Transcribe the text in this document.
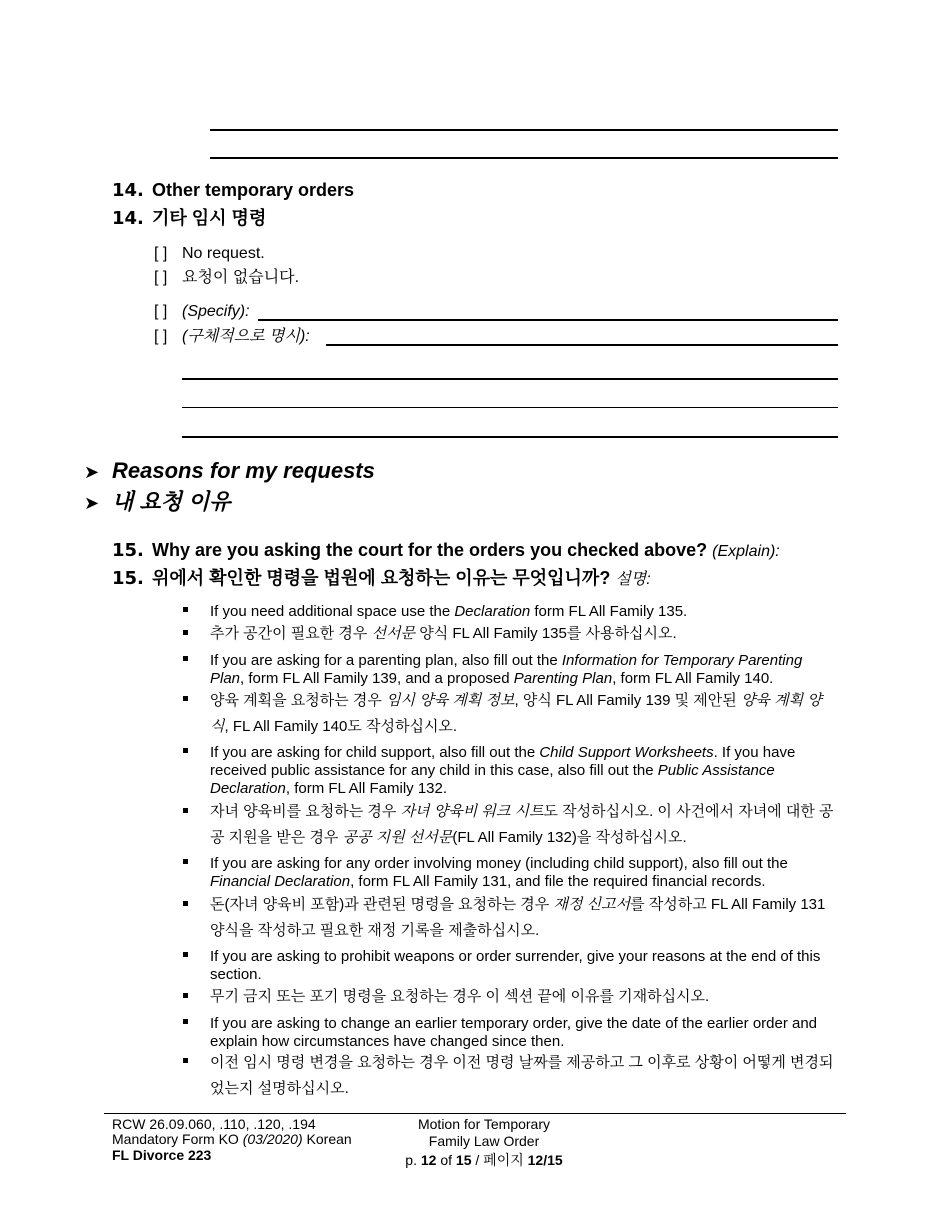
14. Other temporary orders
14. 기타 임시 명령
[ ] No request.
[ ] 요청이 없습니다.
[ ] (Specify):
[ ] (구체적으로 명시):
➤ Reasons for my requests
➤ 내 요청 이유
15. Why are you asking the court for the orders you checked above? (Explain):
15. 위에서 확인한 명령을 법원에 요청하는 이유는 무엇입니까? 설명:
If you need additional space use the Declaration form FL All Family 135.
추가 공간이 필요한 경우 선서문 양식 FL All Family 135를 사용하십시오.
If you are asking for a parenting plan, also fill out the Information for Temporary Parenting Plan, form FL All Family 139, and a proposed Parenting Plan, form FL All Family 140.
양육 계획을 요청하는 경우 임시 양육 계획 정보, 양식 FL All Family 139 및 제안된 양육 계획 양식, FL All Family 140도 작성하십시오.
If you are asking for child support, also fill out the Child Support Worksheets. If you have received public assistance for any child in this case, also fill out the Public Assistance Declaration, form FL All Family 132.
자녀 양육비를 요청하는 경우 자녀 양육비 워크 시트도 작성하십시오. 이 사건에서 자녀에 대한 공공 지원을 받은 경우 공공 지원 선서문(FL All Family 132)을 작성하십시오.
If you are asking for any order involving money (including child support), also fill out the Financial Declaration, form FL All Family 131, and file the required financial records.
돈(자녀 양육비 포함)과 관련된 명령을 요청하는 경우 재정 신고서를 작성하고 FL All Family 131 양식을 작성하고 필요한 재정 기록을 제출하십시오.
If you are asking to prohibit weapons or order surrender, give your reasons at the end of this section.
무기 금지 또는 포기 명령을 요청하는 경우 이 섹션 끝에 이유를 기재하십시오.
If you are asking to change an earlier temporary order, give the date of the earlier order and explain how circumstances have changed since then.
이전 임시 명령 변경을 요청하는 경우 이전 명령 날짜를 제공하고 그 이후로 상황이 어떻게 변경되었는지 설명하십시오.
RCW 26.09.060, .110, .120, .194
Mandatory Form KO (03/2020) Korean
FL Divorce 223
Motion for Temporary
Family Law Order
p. 12 of 15 / 페이지 12/15
